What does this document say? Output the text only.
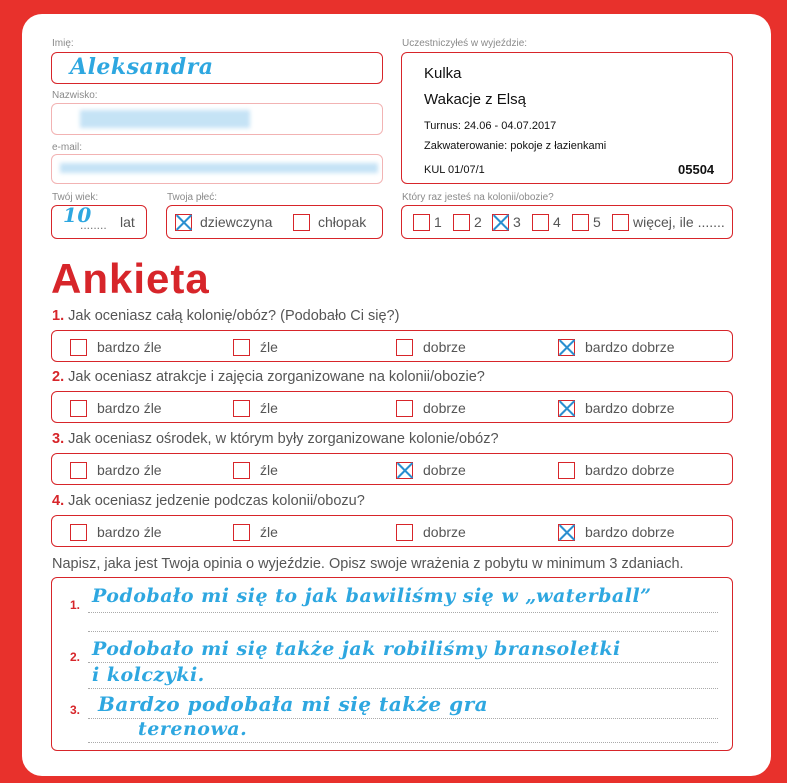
Imię:
Aleksandra
Nazwisko:
e-mail:
Twój wiek:
10
........ lat
Twoja płeć:
dziewczyna	chłopak
Uczestniczyłeś w wyjeździe:
Kulka
Wakacje z Elsą
Turnus: 24.06 - 04.07.2017
Zakwaterowanie: pokoje z łazienkami
KUL 01/07/1	05504
Który raz jesteś na kolonii/obozie?
1 2 3 4 5 więcej, ile .......
Ankieta
1. Jak oceniasz całą kolonię/obóz? (Podobało Ci się?)
bardzo źle	źle	dobrze	bardzo dobrze
2. Jak oceniasz atrakcje i zajęcia zorganizowane na kolonii/obozie?
bardzo źle	źle	dobrze	bardzo dobrze
3. Jak oceniasz ośrodek, w którym były zorganizowane kolonie/obóz?
bardzo źle	źle	dobrze	bardzo dobrze
4. Jak oceniasz jedzenie podczas kolonii/obozu?
bardzo źle	źle	dobrze	bardzo dobrze
Napisz, jaka jest Twoja opinia o wyjeździe. Opisz swoje wrażenia z pobytu w minimum 3 zdaniach.
1. Podobało mi się to jak bawiliśmy się w „waterball”
2. Podobało mi się także jak robiliśmy bransoletki
i kolczyki.
3. Bardzo podobała mi się także gra
terenowa.
